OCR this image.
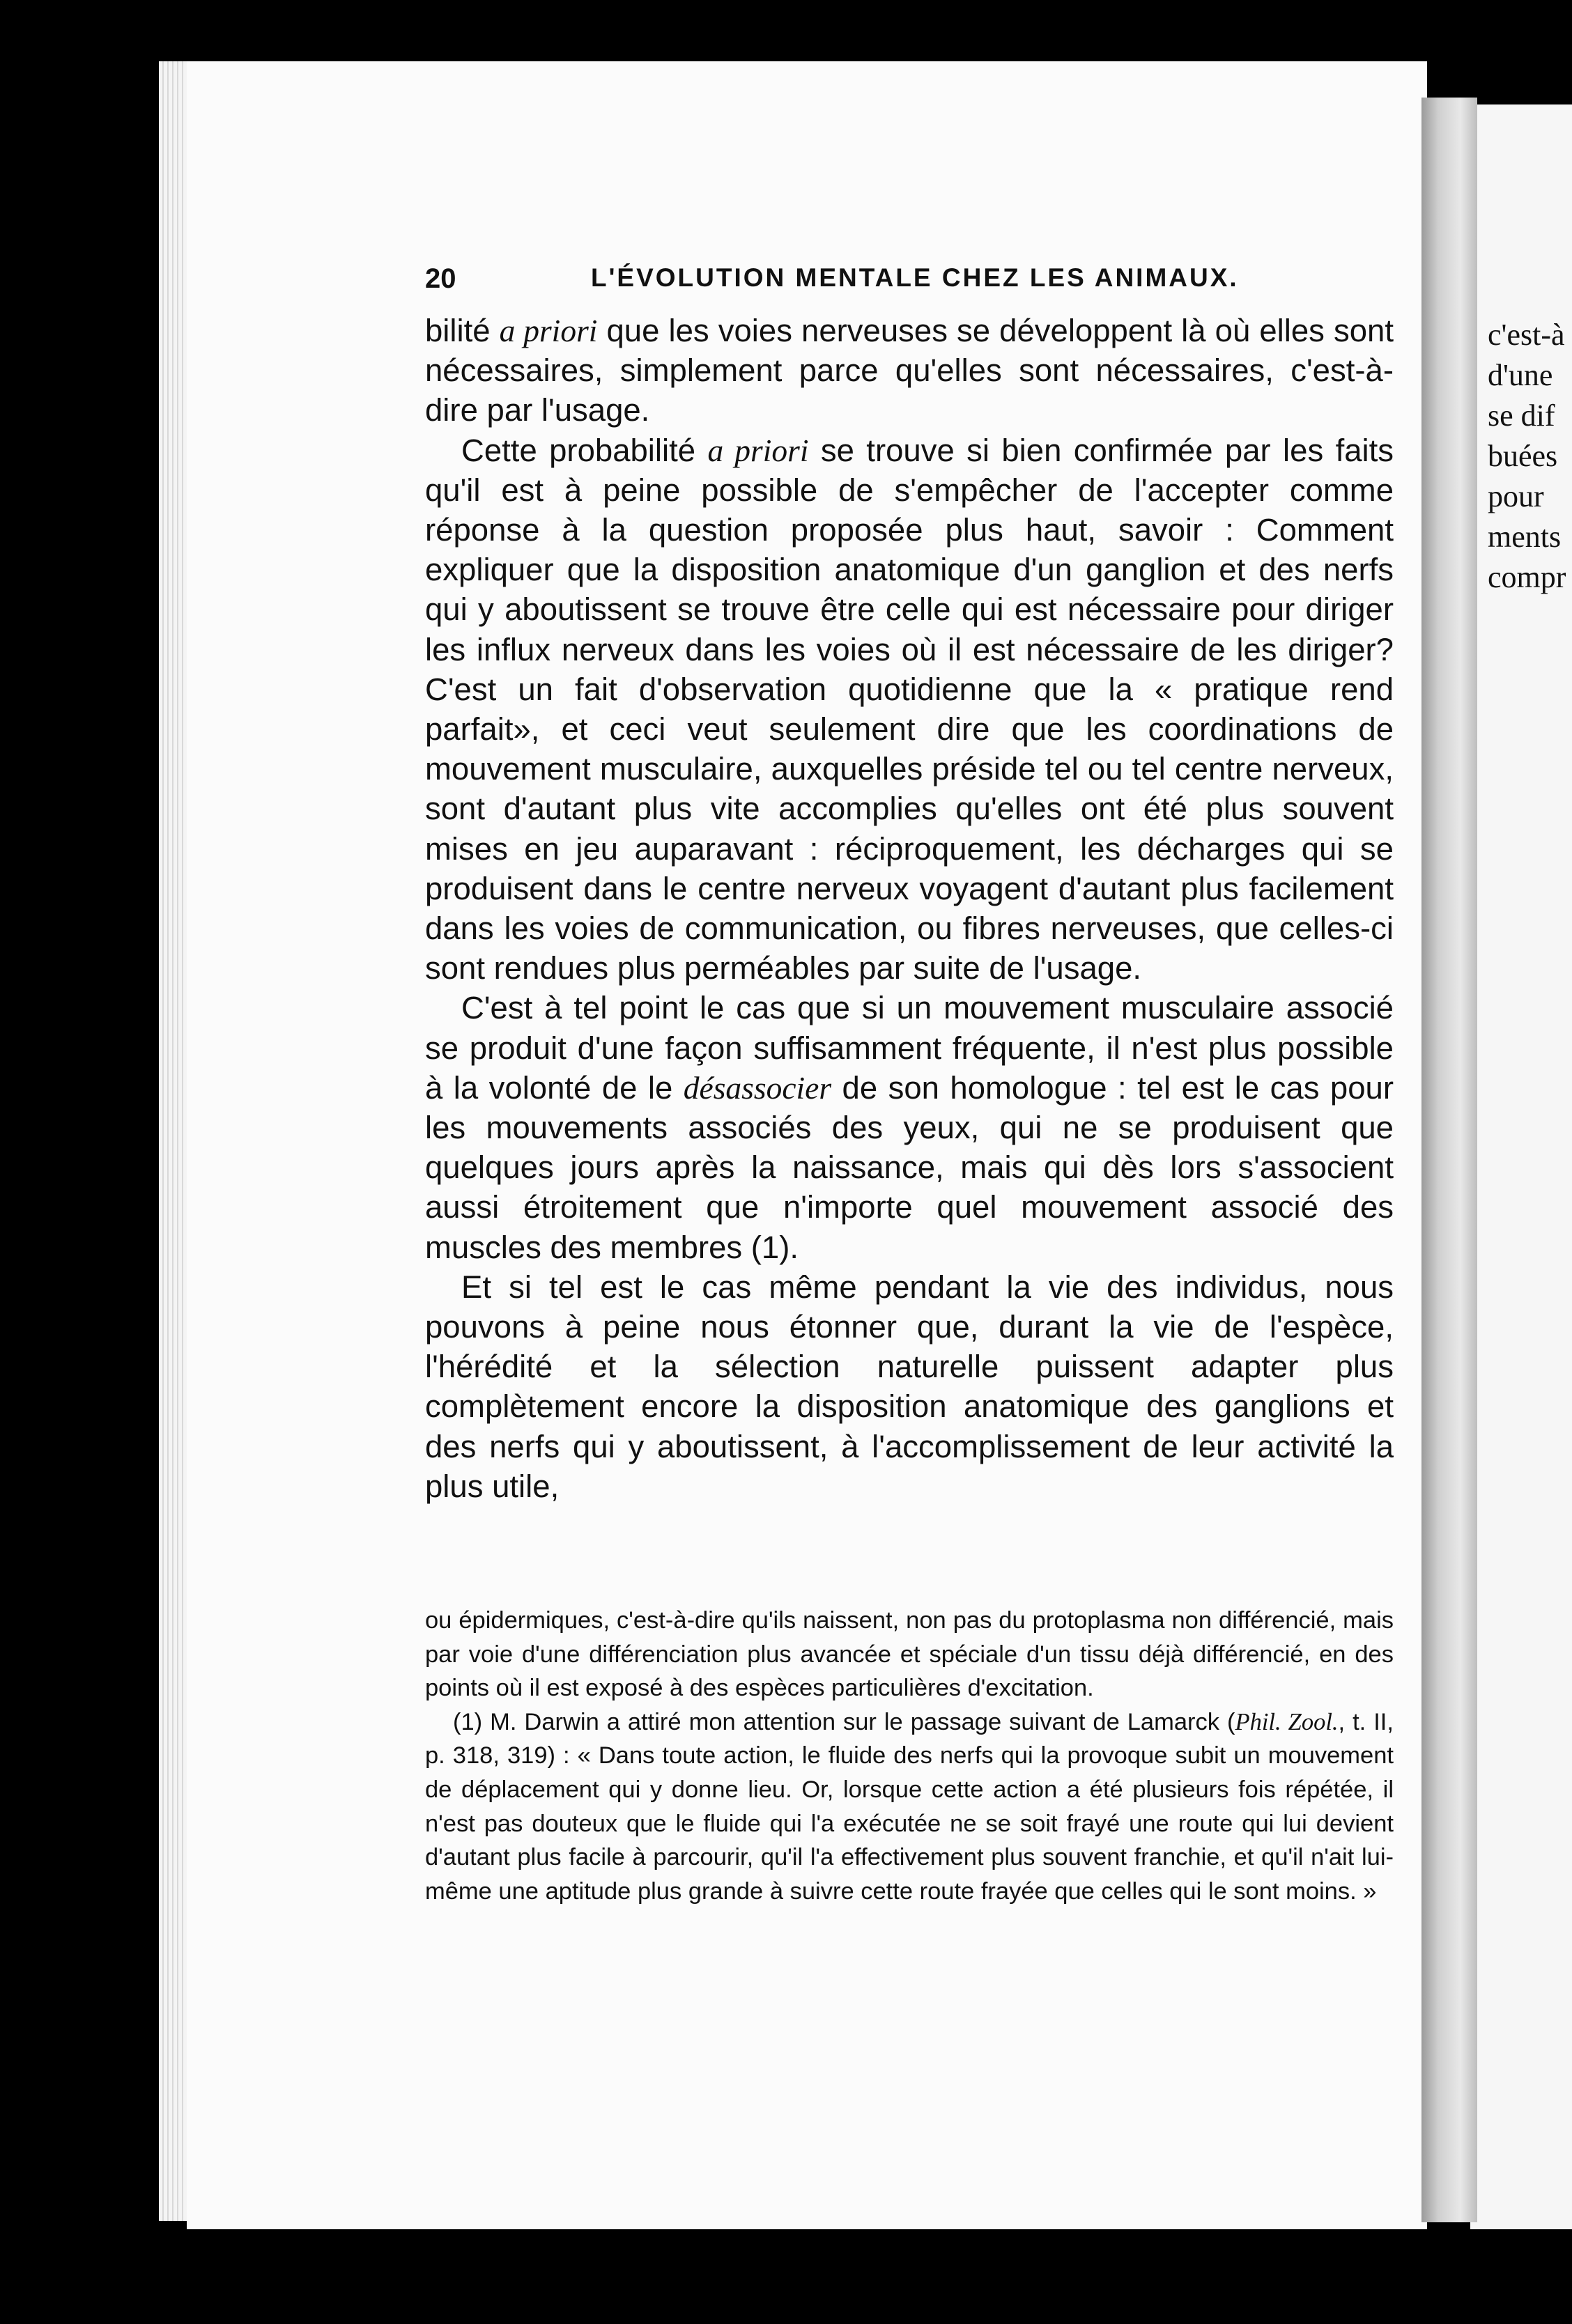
c'est-à
d'une
se dif
buées
pour
ments
compr
20	L'ÉVOLUTION MENTALE CHEZ LES ANIMAUX.

bilité a priori que les voies nerveuses se développent là où elles sont nécessaires, simplement parce qu'elles sont nécessaires, c'est-à-dire par l'usage.

Cette probabilité a priori se trouve si bien confirmée par les faits qu'il est à peine possible de s'empêcher de l'accepter comme réponse à la question proposée plus haut, savoir : Comment expliquer que la disposition anatomique d'un ganglion et des nerfs qui y aboutissent se trouve être celle qui est nécessaire pour diriger les influx nerveux dans les voies où il est nécessaire de les diriger? C'est un fait d'observation quotidienne que la « pratique rend parfait», et ceci veut seulement dire que les coordinations de mouvement musculaire, auxquelles préside tel ou tel centre nerveux, sont d'autant plus vite accomplies qu'elles ont été plus souvent mises en jeu auparavant : réciproquement, les décharges qui se produisent dans le centre nerveux voyagent d'autant plus facilement dans les voies de communication, ou fibres nerveuses, que celles-ci sont rendues plus perméables par suite de l'usage.

C'est à tel point le cas que si un mouvement musculaire associé se produit d'une façon suffisamment fréquente, il n'est plus possible à la volonté de le désassocier de son homologue : tel est le cas pour les mouvements associés des yeux, qui ne se produisent que quelques jours après la naissance, mais qui dès lors s'associent aussi étroitement que n'importe quel mouvement associé des muscles des membres (1).

Et si tel est le cas même pendant la vie des individus, nous pouvons à peine nous étonner que, durant la vie de l'espèce, l'hérédité et la sélection naturelle puissent adapter plus complètement encore la disposition anatomique des ganglions et des nerfs qui y aboutissent, à l'accomplissement de leur activité la plus utile,

ou épidermiques, c'est-à-dire qu'ils naissent, non pas du protoplasma non différencié, mais par voie d'une différenciation plus avancée et spéciale d'un tissu déjà différencié, en des points où il est exposé à des espèces particulières d'excitation.

(1) M. Darwin a attiré mon attention sur le passage suivant de Lamarck (Phil. Zool., t. II, p. 318, 319) : « Dans toute action, le fluide des nerfs qui la provoque subit un mouvement de déplacement qui y donne lieu. Or, lorsque cette action a été plusieurs fois répétée, il n'est pas douteux que le fluide qui l'a exécutée ne se soit frayé une route qui lui devient d'autant plus facile à parcourir, qu'il l'a effectivement plus souvent franchie, et qu'il n'ait lui-même une aptitude plus grande à suivre cette route frayée que celles qui le sont moins. »
